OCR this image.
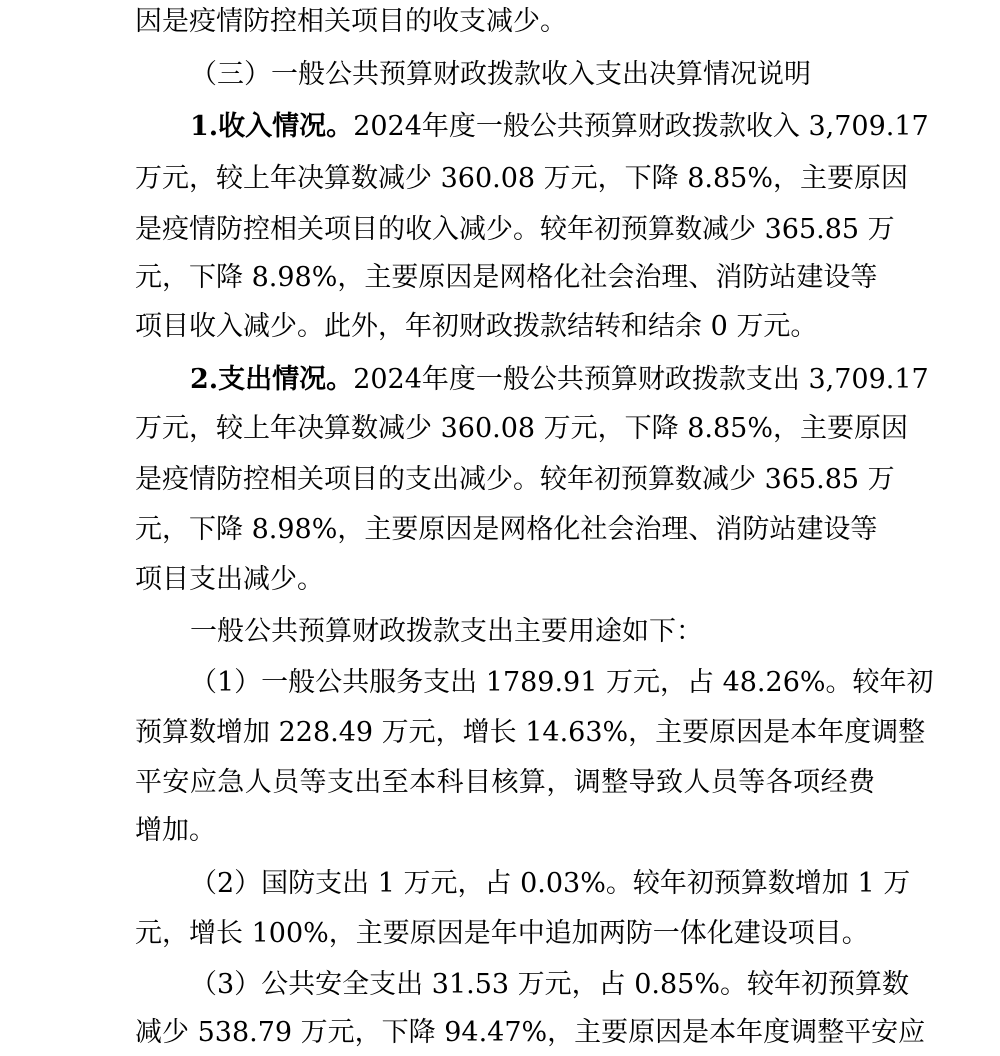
因是疫情防控相关项目的收支减少。
（三）一般公共预算财政拨款收入支出决算情况说明
1.收入情况。2024年度一般公共预算财政拨款收入 3,709.17
万元，较上年决算数减少 360.08 万元，下降 8.85%，主要原因
是疫情防控相关项目的收入减少。较年初预算数减少 365.85 万
元，下降 8.98%，主要原因是网格化社会治理、消防站建设等
项目收入减少。此外，年初财政拨款结转和结余 0 万元。
2.支出情况。2024年度一般公共预算财政拨款支出 3,709.17
万元，较上年决算数减少 360.08 万元，下降 8.85%，主要原因
是疫情防控相关项目的支出减少。较年初预算数减少 365.85 万
元，下降 8.98%，主要原因是网格化社会治理、消防站建设等
项目支出减少。
一般公共预算财政拨款支出主要用途如下：
（1）一般公共服务支出 1789.91 万元，占 48.26%。较年初
预算数增加 228.49 万元，增长 14.63%，主要原因是本年度调整
平安应急人员等支出至本科目核算，调整导致人员等各项经费
增加。
（2）国防支出 1 万元，占 0.03%。较年初预算数增加 1 万
元，增长 100%，主要原因是年中追加两防一体化建设项目。
（3）公共安全支出 31.53 万元，占 0.85%。较年初预算数
减少 538.79 万元，下降 94.47%，主要原因是本年度调整平安应
